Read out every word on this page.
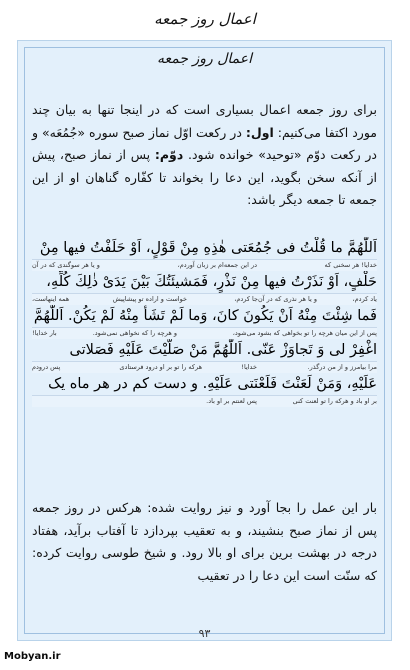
اعمال روز جمعه
اعمال روز جمعه
برای روز جمعه اعمال بسیاری است که در اینجا تنها به بیان چند مورد اکتفا می‌کنیم: اول: در رکعت اوّل نماز صبح سوره «جُمُعَه» و در رکعت دوّم «توحید» خوانده شود. دوّم: پس از نماز صبح، پیش از آنکه سخن بگوید، این دعا را بخواند تا کفّاره گناهان او از این جمعه تا جمعه دیگر باشد:
اَللّٰهُمَّ ما قُلْتُ فی جُمُعَتی هٰذِهِ مِنْ قَوْلٍ، اَوْ حَلَفْتُ فیها مِنْ
خدایا! هر سخنی که
در این جمعه‌ام بر زبان آوردم،
و یا هر سوگندی که در آن
حَلْفٍ، اَوْ نَذَرْتُ فیها مِنْ نَذْرٍ، فَمَشیئَتُكَ بَیْنَ یَدَیْ ذٰلِكَ كُلِّهِ،
یاد کردم،
و یا هر نذری که در آن‌جا کردم،
خواست و اراده تو پیشاپیش
همه اینهاست،
فَما شِئْتَ مِنْهُ اَنْ یَكُونَ كانَ، وَما لَمْ تَشَأْ مِنْهُ لَمْ یَكُنْ. اَللّٰهُمَّ
پس از این میان هرچه را تو بخواهی که بشود می‌شود،
و هرچه را که نخواهی نمی‌شود.
بار خدایا!
اغْفِرْ لی وَ تَجاوَزْ عَنّی. اَللّٰهُمَّ مَنْ صَلَّیْتَ عَلَیْهِ فَصَلاتی
مرا بیامرز و از من درگذر.
خدایا!
هرکه را تو بر او درود فرستادی
پس درودم
عَلَیْهِ، وَمَنْ لَعَنْتَ فَلَعْنَتی عَلَیْهِ. و دست کم در هر ماه یک
بر او باد و هرکه را تو لعنت کنی
پس لعنتم بر او باد.
بار این عمل را بجا آورد و نیز روایت شده: هرکس در روز جمعه پس از نماز صبح بنشیند، و به تعقیب بپردازد تا آفتاب برآید، هفتاد درجه در بهشت برین برای او بالا رود. و شیخ طوسی روایت کرده: که سنّت است این دعا را در تعقیب
۹۳
Mobyan.ir
